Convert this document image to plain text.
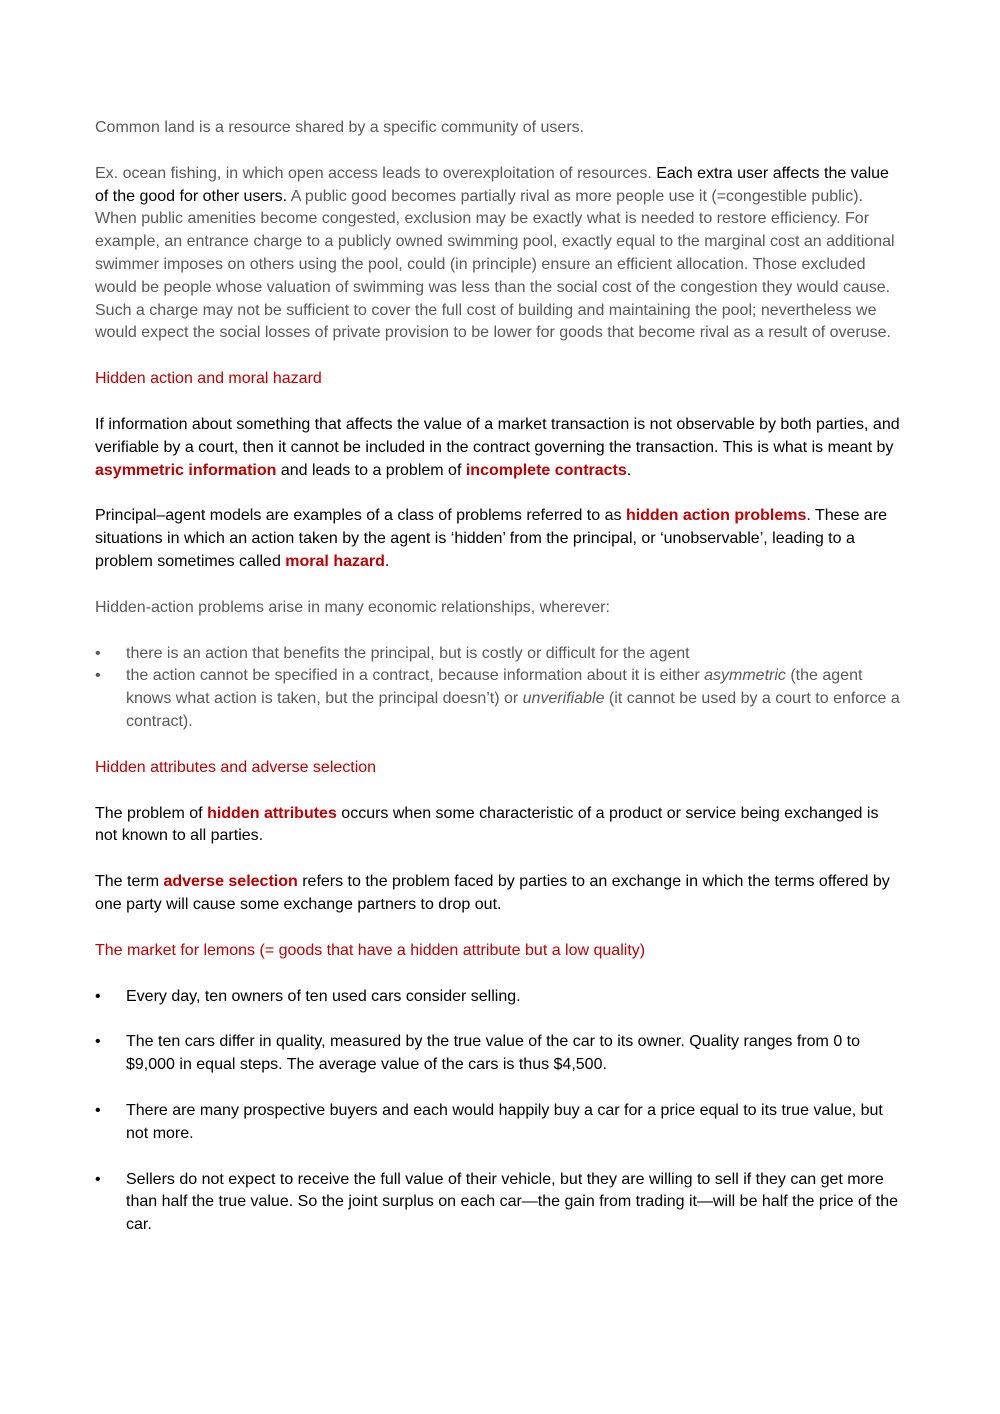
Common land is a resource shared by a specific community of users.

Ex. ocean fishing, in which open access leads to overexploitation of resources. Each extra user affects the value of the good for other users. A public good becomes partially rival as more people use it (=congestible public). When public amenities become congested, exclusion may be exactly what is needed to restore efficiency. For example, an entrance charge to a publicly owned swimming pool, exactly equal to the marginal cost an additional swimmer imposes on others using the pool, could (in principle) ensure an efficient allocation. Those excluded would be people whose valuation of swimming was less than the social cost of the congestion they would cause. Such a charge may not be sufficient to cover the full cost of building and maintaining the pool; nevertheless we would expect the social losses of private provision to be lower for goods that become rival as a result of overuse.

Hidden action and moral hazard

If information about something that affects the value of a market transaction is not observable by both parties, and verifiable by a court, then it cannot be included in the contract governing the transaction. This is what is meant by asymmetric information and leads to a problem of incomplete contracts.

Principal–agent models are examples of a class of problems referred to as hidden action problems. These are situations in which an action taken by the agent is ‘hidden’ from the principal, or ‘unobservable’, leading to a problem sometimes called moral hazard.

Hidden-action problems arise in many economic relationships, wherever:

• there is an action that benefits the principal, but is costly or difficult for the agent
• the action cannot be specified in a contract, because information about it is either asymmetric (the agent knows what action is taken, but the principal doesn’t) or unverifiable (it cannot be used by a court to enforce a contract).

Hidden attributes and adverse selection

The problem of hidden attributes occurs when some characteristic of a product or service being exchanged is not known to all parties.

The term adverse selection refers to the problem faced by parties to an exchange in which the terms offered by one party will cause some exchange partners to drop out.

The market for lemons (= goods that have a hidden attribute but a low quality)

• Every day, ten owners of ten used cars consider selling.
• The ten cars differ in quality, measured by the true value of the car to its owner. Quality ranges from 0 to $9,000 in equal steps. The average value of the cars is thus $4,500.
• There are many prospective buyers and each would happily buy a car for a price equal to its true value, but not more.
• Sellers do not expect to receive the full value of their vehicle, but they are willing to sell if they can get more than half the true value. So the joint surplus on each car—the gain from trading it—will be half the price of the car.
